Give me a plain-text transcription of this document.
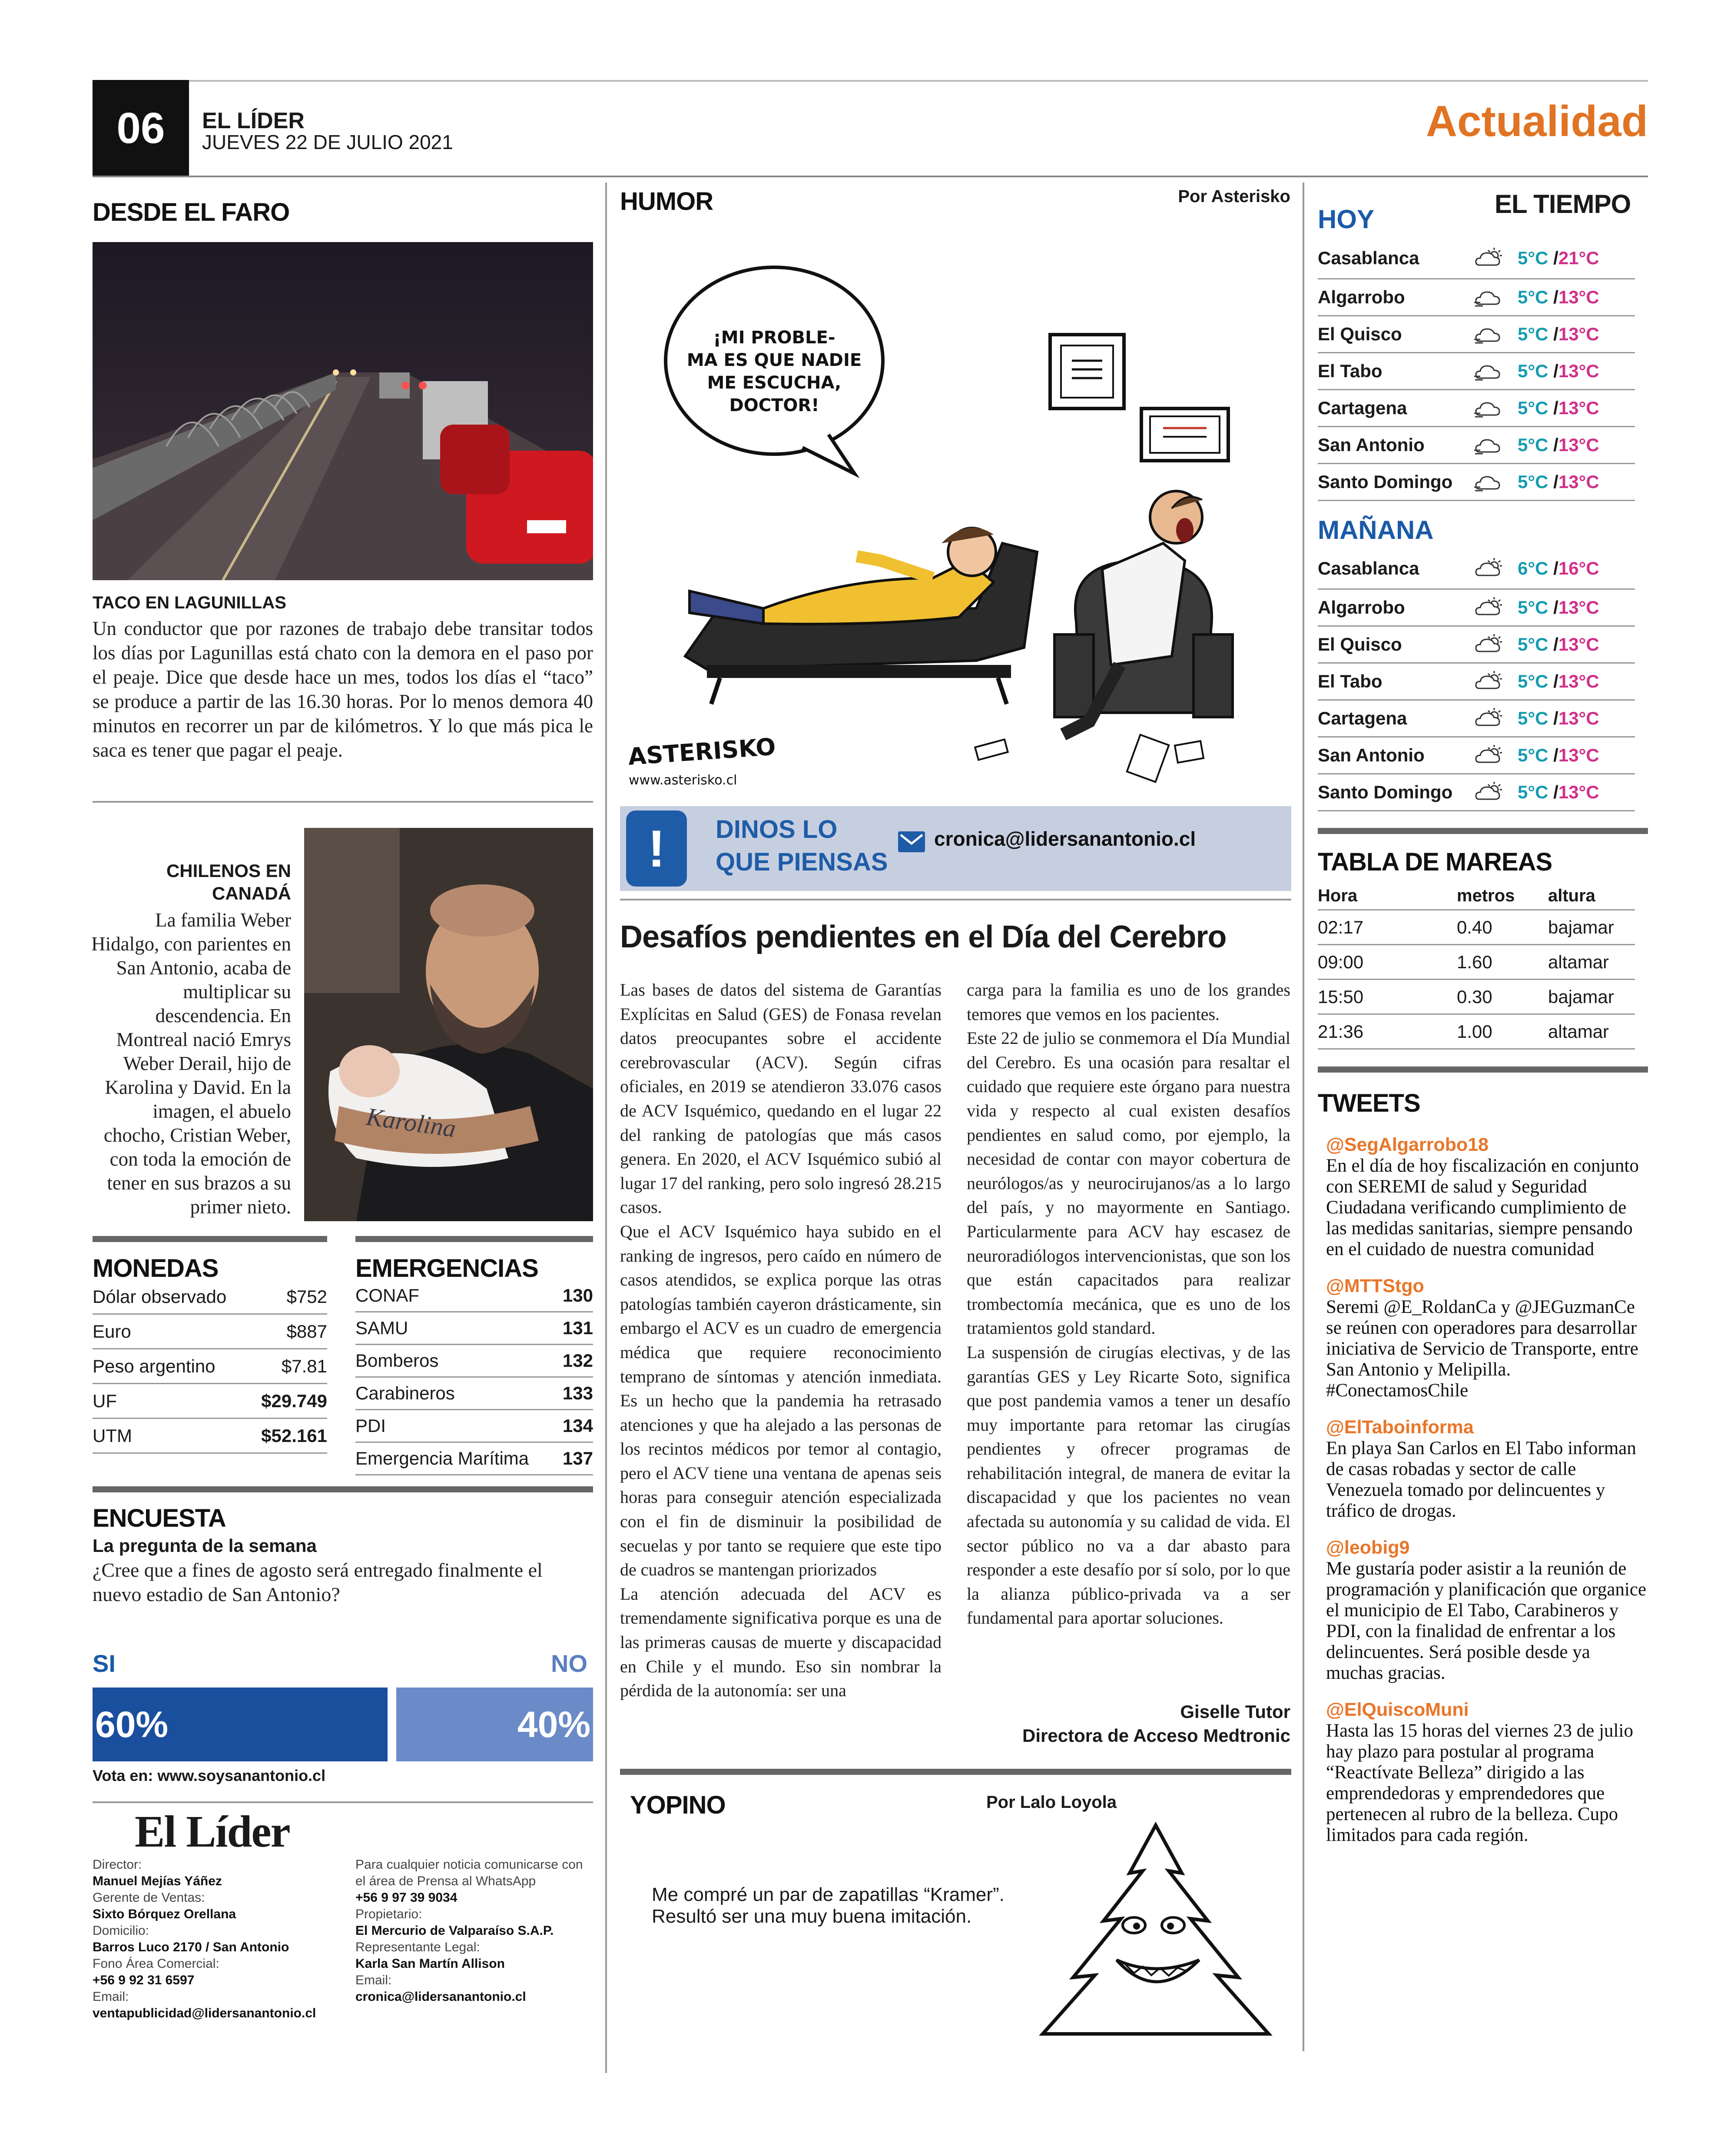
06 EL LÍDER
JUEVES 22 DE JULIO 2021	Actualidad
DESDE EL FARO
TACO EN LAGUNILLAS
Un conductor que por razones de trabajo debe transitar todos los días por Lagunillas está chato con la demora en el paso por el peaje. Dice que desde hace un mes, todos los días el “taco” se produce a partir de las 16.30 horas. Por lo menos demora 40 minutos en recorrer un par de kilómetros. Y lo que más pica le saca es tener que pagar el peaje.
CHILENOS EN CANADÁ
La familia Weber Hidalgo, con parientes en San Antonio, acaba de multiplicar su descendencia. En Montreal nació Emrys Weber Derail, hijo de Karolina y David. En la imagen, el abuelo chocho, Cristian Weber, con toda la emoción de tener en sus brazos a su primer nieto.
Karolina
MONEDAS
Dólar observado	$752
Euro	$887
Peso argentino	$7.81
UF	$29.749
UTM	$52.161
EMERGENCIAS
CONAF	130
SAMU	131
Bomberos	132
Carabineros	133
PDI	134
Emergencia Marítima 137
ENCUESTA
La pregunta de la semana
¿Cree que a fines de agosto será entregado finalmente el nuevo estadio de San Antonio?
SI	NO
60%	40%
Vota en: www.soysanantonio.cl
El Líder
Director:
Manuel Mejías Yáñez
Gerente de Ventas:
Sixto Bórquez Orellana
Domicilio:
Barros Luco 2170 / San Antonio
Fono Área Comercial:
+56 9 92 31 6597
Email:
ventapublicidad@lidersanantonio.cl
Para cualquier noticia comunicarse con el área de Prensa al WhatsApp
+56 9 97 39 9034
Propietario:
El Mercurio de Valparaíso S.A.P.
Representante Legal:
Karla San Martín Allison
Email:
cronica@lidersanantonio.cl
HUMOR	Por Asterisko
¡MI PROBLE-MA ES QUE NADIE ME ESCUCHA, DOCTOR!
ASTERISKO
www.asterisko.cl
!	DINOS LO
QUE PIENSAS
cronica@lidersanantonio.cl
Desafíos pendientes en el Día del Cerebro

Las bases de datos del sistema de Garantías Explícitas en Salud (GES) de Fonasa revelan datos preocupantes sobre el accidente cerebrovascular (ACV). Según cifras oficiales, en 2019 se atendieron 33.076 casos de ACV Isquémico, quedando en el lugar 22 del ranking de patologías que más casos genera. En 2020, el ACV Isquémico subió al lugar 17 del ranking, pero solo ingresó 28.215 casos.

Que el ACV Isquémico haya subido en el ranking de ingresos, pero caído en número de casos atendidos, se explica porque las otras patologías también cayeron drásticamente, sin embargo el ACV es un cuadro de emergencia médica que requiere reconocimiento temprano de síntomas y atención inmediata. Es un hecho que la pandemia ha retrasado atenciones y que ha alejado a las personas de los recintos médicos por temor al contagio, pero el ACV tiene una ventana de apenas seis horas para conseguir atención especializada con el fin de disminuir la posibilidad de secuelas y por tanto se requiere que este tipo de cuadros se mantengan priorizados

La atención adecuada del ACV es tremendamente significativa porque es una de las primeras causas de muerte y discapacidad en Chile y el mundo. Eso sin nombrar la pérdida de la autonomía: ser una

carga para la familia es uno de los grandes temores que vemos en los pacientes.

Este 22 de julio se conmemora el Día Mundial del Cerebro. Es una ocasión para resaltar el cuidado que requiere este órgano para nuestra vida y respecto al cual existen desafíos pendientes en salud como, por ejemplo, la necesidad de contar con mayor cobertura de neurólogos/as y neurocirujanos/as a lo largo del país, y no mayormente en Santiago. Particularmente para ACV hay escasez de neuroradiólogos intervencionistas, que son los que están capacitados para realizar trombectomía mecánica, que es uno de los tratamientos gold standard.

La suspensión de cirugías electivas, y de las garantías GES y Ley Ricarte Soto, significa que post pandemia vamos a tener un desafío muy importante para retomar las cirugías pendientes y ofrecer programas de rehabilitación integral, de manera de evitar la discapacidad y que los pacientes no vean afectada su autonomía y su calidad de vida. El sector público no va a dar abasto para responder a este desafío por sí solo, por lo que la alianza público-privada va a ser fundamental para aportar soluciones.

Giselle Tutor
Directora de Acceso Medtronic
YOPINO	Por Lalo Loyola
Me compré un par de zapatillas “Kramer”.
Resultó ser una muy buena imitación.
EL TIEMPO
HOY
Casablanca	5°C /21°C
Algarrobo	5°C /13°C
El Quisco	5°C /13°C
El Tabo	5°C /13°C
Cartagena	5°C /13°C
San Antonio	5°C /13°C
Santo Domingo	5°C /13°C
MAÑANA
Casablanca	6°C /16°C
Algarrobo	5°C /13°C
El Quisco	5°C /13°C
El Tabo	5°C /13°C
Cartagena	5°C /13°C
San Antonio	5°C /13°C
Santo Domingo	5°C /13°C
TABLA DE MAREAS
Hora	metros	altura
02:17	0.40	bajamar
09:00	1.60	altamar
15:50	0.30	bajamar
21:36	1.00	altamar
TWEETS
@SegAlgarrobo18
En el día de hoy fiscalización en conjunto con SEREMI de salud y Seguridad Ciudadana verificando cumplimiento de las medidas sanitarias, siempre pensando en el cuidado de nuestra comunidad
@MTTStgo
Seremi @E_RoldanCa y @JEGuzmanCe se reúnen con operadores para desarrollar iniciativa de Servicio de Transporte, entre San Antonio y Melipilla. #ConectamosChile
@ElTaboinforma
En playa San Carlos en El Tabo informan de casas robadas y sector de calle Venezuela tomado por delincuentes y tráfico de drogas.
@leobig9
Me gustaría poder asistir a la reunión de programación y planificación que organice el municipio de El Tabo, Carabineros y PDI, con la finalidad de enfrentar a los delincuentes. Será posible desde ya muchas gracias.
@ElQuiscoMuni
Hasta las 15 horas del viernes 23 de julio hay plazo para postular al programa “Reactívate Belleza” dirigido a las emprendedoras y emprendedores que pertenecen al rubro de la belleza. Cupo limitados para cada región.
